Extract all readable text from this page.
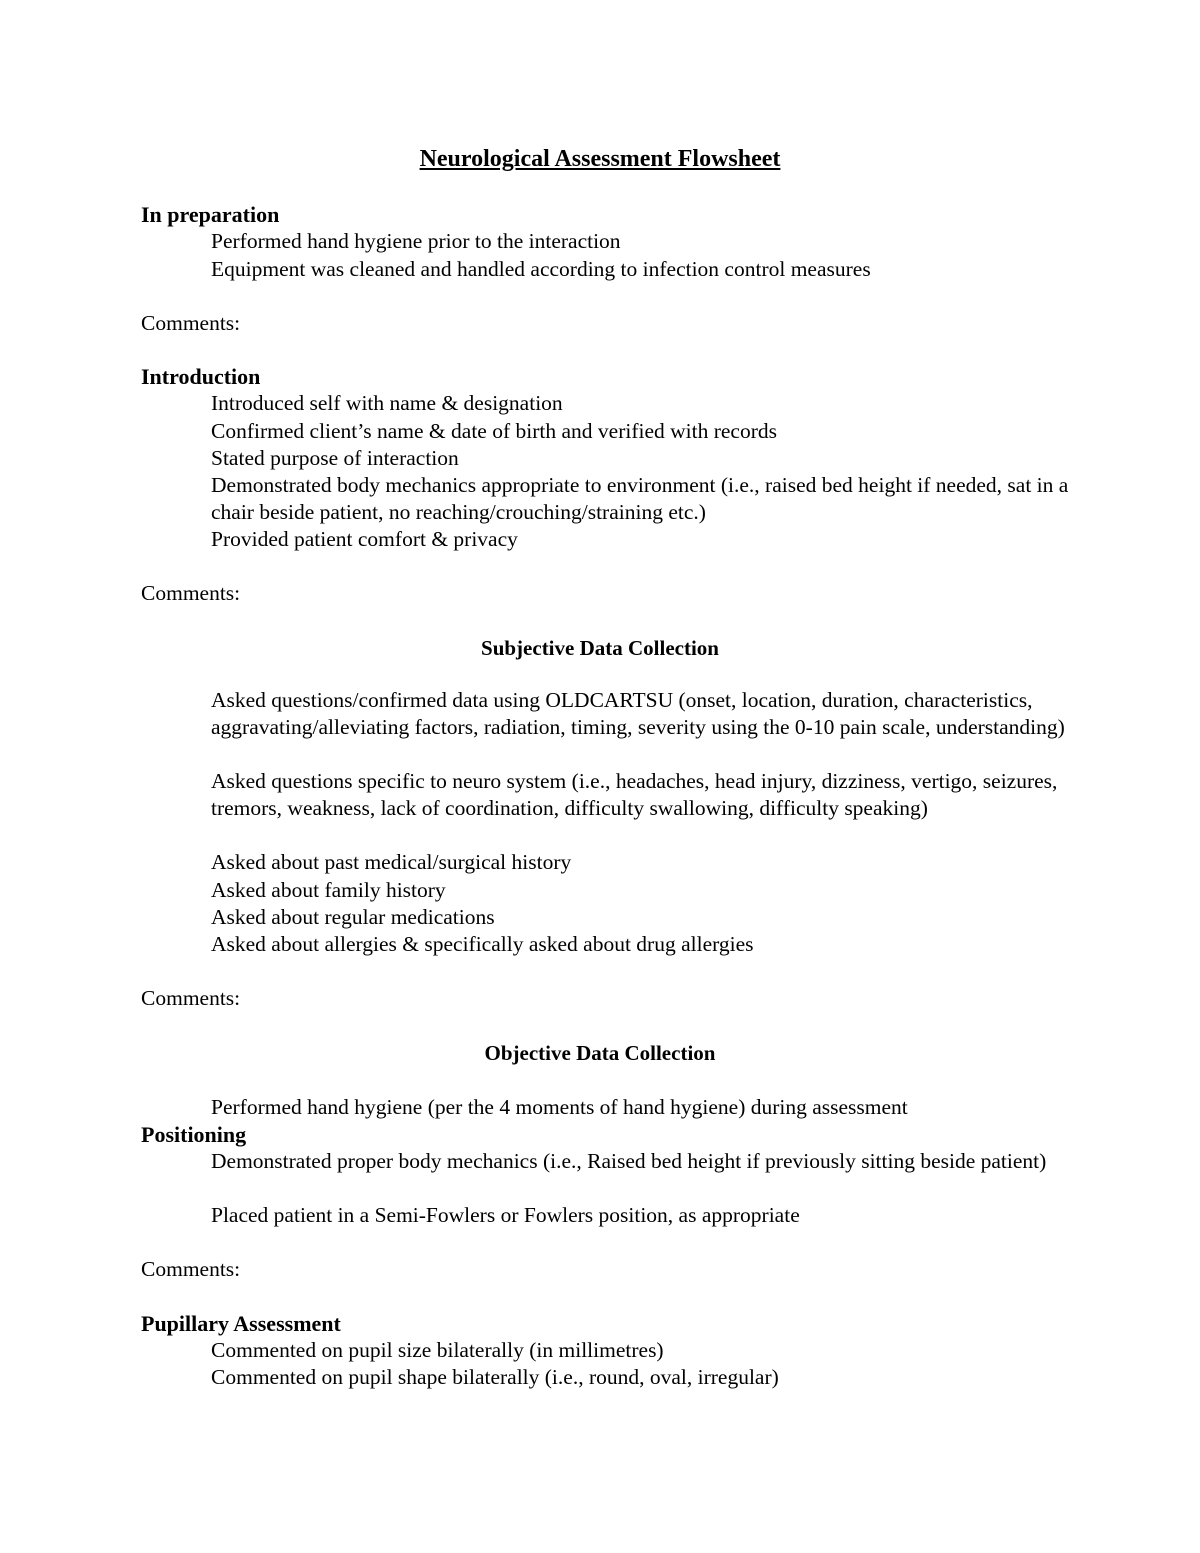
Neurological Assessment Flowsheet

In preparation

Performed hand hygiene prior to the interaction

Equipment was cleaned and handled according to infection control measures

Comments:

Introduction

Introduced self with name & designation

Confirmed client’s name & date of birth and verified with records

Stated purpose of interaction

Demonstrated body mechanics appropriate to environment (i.e., raised bed height if needed, sat in a chair beside patient, no reaching/crouching/straining etc.)

Provided patient comfort & privacy

Comments:

Subjective Data Collection

Asked questions/confirmed data using OLDCARTSU (onset, location, duration, characteristics, aggravating/alleviating factors, radiation, timing, severity using the 0-10 pain scale, understanding)

Asked questions specific to neuro system (i.e., headaches, head injury, dizziness, vertigo, seizures, tremors, weakness, lack of coordination, difficulty swallowing, difficulty speaking)

Asked about past medical/surgical history

Asked about family history

Asked about regular medications

Asked about allergies & specifically asked about drug allergies

Comments:

Objective Data Collection

Performed hand hygiene (per the 4 moments of hand hygiene) during assessment

Positioning

Demonstrated proper body mechanics (i.e., Raised bed height if previously sitting beside patient)

Placed patient in a Semi-Fowlers or Fowlers position, as appropriate

Comments:

Pupillary Assessment

Commented on pupil size bilaterally (in millimetres)

Commented on pupil shape bilaterally (i.e., round, oval, irregular)
